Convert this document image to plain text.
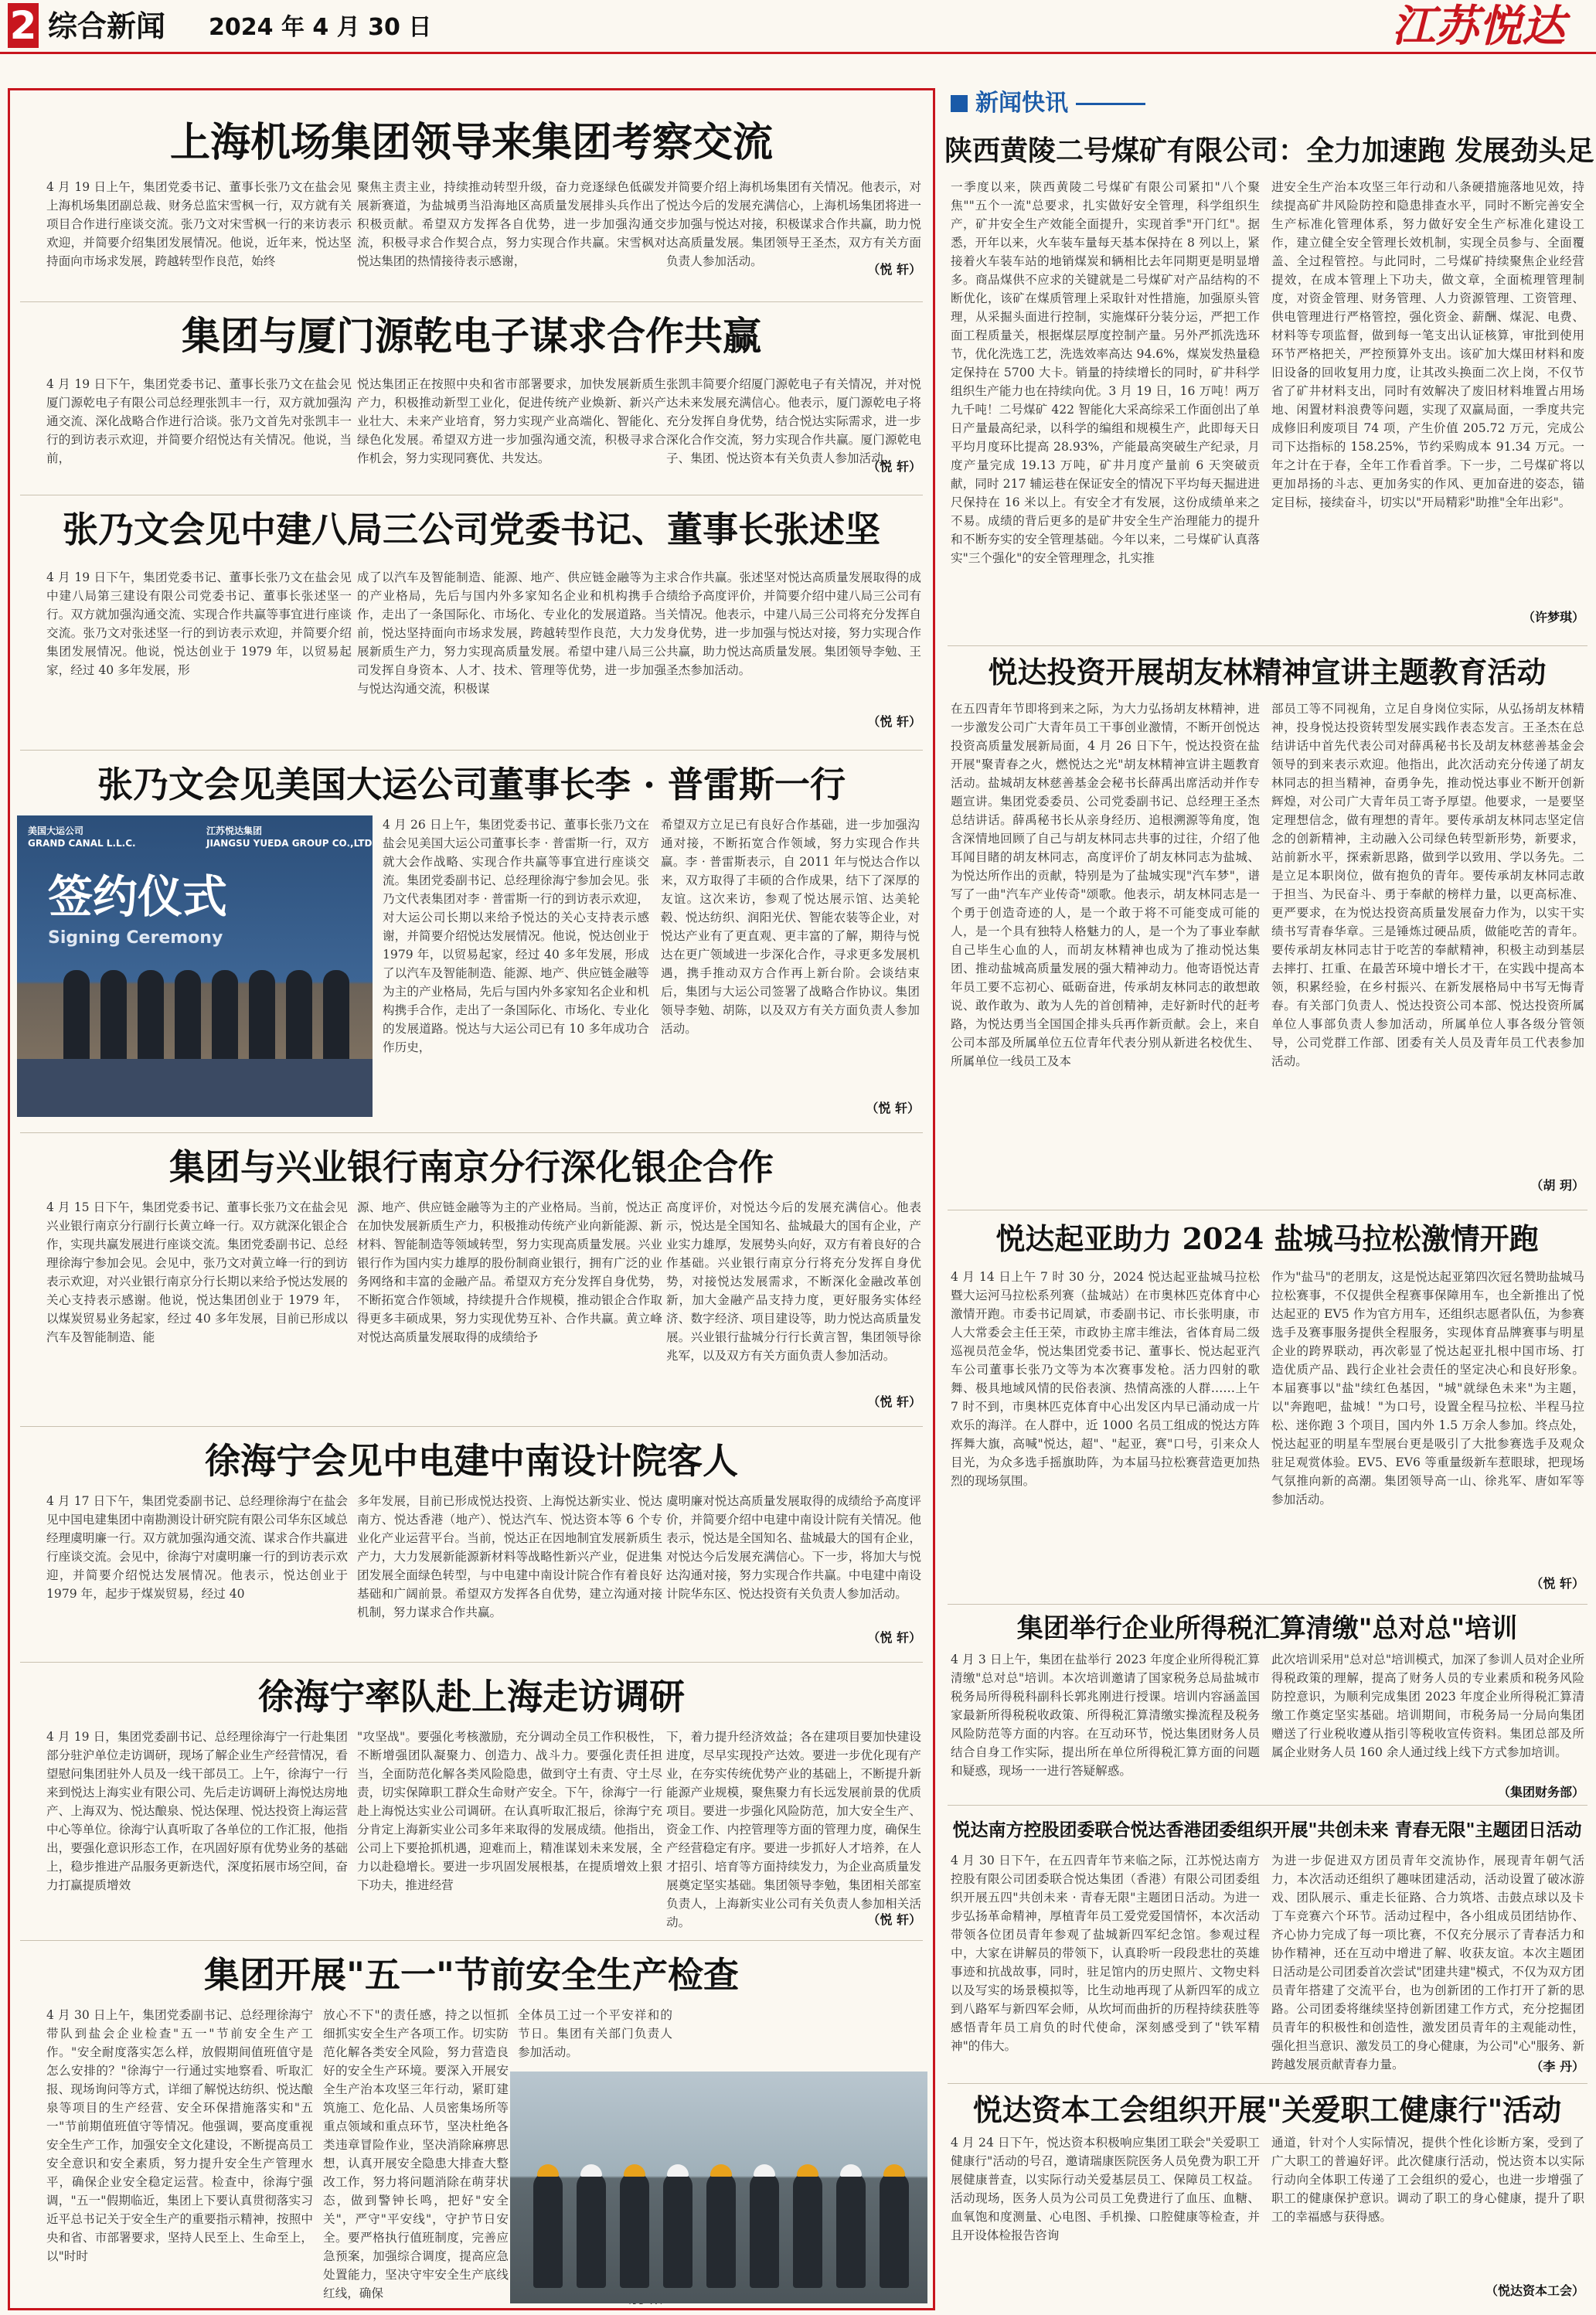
2 综合新闻 2024 年 4 月 30 日	江苏悦达
新闻快讯
上海机场集团领导来集团考察交流
4 月 19 日上午，集团党委书记、董事长张乃文在盐会见上海机场集团副总裁、财务总监宋雪枫一行，双方就有关项目合作进行座谈交流。张乃文对宋雪枫一行的来访表示欢迎，并简要介绍集团发展情况。他说，近年来，悦达坚持面向市场求发展，跨越转型作良范，始终
聚焦主责主业，持续推动转型升级，奋力竞逐绿色低碳发展新赛道，为盐城勇当沿海地区高质量发展排头兵作出了积极贡献。希望双方发挥各自优势，进一步加强沟通交流，积极寻求合作契合点，努力实现合作共赢。宋雪枫对悦达集团的热情接待表示感谢，
并简要介绍上海机场集团有关情况。他表示，对悦达今后的发展充满信心，上海机场集团将进一步加强与悦达对接，积极谋求合作共赢，助力悦达高质量发展。集团领导王圣杰，双方有关方面负责人参加活动。
（悦 轩）
集团与厦门源乾电子谋求合作共赢
4 月 19 日下午，集团党委书记、董事长张乃文在盐会见厦门源乾电子有限公司总经理张凯丰一行，双方就加强沟通交流、深化战略合作进行洽谈。张乃文首先对张凯丰一行的到访表示欢迎，并简要介绍悦达有关情况。他说，当前，
悦达集团正在按照中央和省市部署要求，加快发展新质生产力，积极推动新型工业化，促进传统产业焕新、新兴产业壮大、未来产业培育，努力实现产业高端化、智能化、绿色化发展。希望双方进一步加强沟通交流，积极寻求合作机会，努力实现同赛优、共发达。
张凯丰简要介绍厦门源乾电子有关情况，并对悦达未来发展充满信心。他表示，厦门源乾电子将充分发挥自身优势，结合悦达实际需求，进一步深化合作交流，努力实现合作共赢。厦门源乾电子、集团、悦达资本有关负责人参加活动。
（悦 轩）
张乃文会见中建八局三公司党委书记、董事长张述坚
4 月 19 日下午，集团党委书记、董事长张乃文在盐会见中建八局第三建设有限公司党委书记、董事长张述坚一行。双方就加强沟通交流、实现合作共赢等事宜进行座谈交流。张乃文对张述坚一行的到访表示欢迎，并简要介绍集团发展情况。他说，悦达创业于 1979 年，以贸易起家，经过 40 多年发展，形
成了以汽车及智能制造、能源、地产、供应链金融等为主的产业格局，先后与国内外多家知名企业和机构携手合作，走出了一条国际化、市场化、专业化的发展道路。当前，悦达坚持面向市场求发展，跨越转型作良范，大力发展新质生产力，努力实现高质量发展。希望中建八局三公司发挥自身资本、人才、技术、管理等优势，进一步加强与悦达沟通交流，积极谋
求合作共赢。张述坚对悦达高质量发展取得的成绩给予高度评价，并简要介绍中建八局三公司有关情况。他表示，中建八局三公司将充分发挥自身优势，进一步加强与悦达对接，努力实现合作共赢，助力悦达高质量发展。集团领导李勉、王圣杰参加活动。
（悦 轩）
张乃文会见美国大运公司董事长李 · 普雷斯一行
4 月 26 日上午，集团党委书记、董事长张乃文在盐会见美国大运公司董事长李 · 普雷斯一行，双方就大会作战略、实现合作共赢等事宜进行座谈交流。集团党委副书记、总经理徐海宁参加会见。张乃文代表集团对李 · 普雷斯一行的到访表示欢迎，对大运公司长期以来给予悦达的关心支持表示感谢，并简要介绍悦达发展情况。他说，悦达创业于 1979 年，以贸易起家，经过 40 多年发展，形成了以汽车及智能制造、能源、地产、供应链金融等为主的产业格局，先后与国内外多家知名企业和机构携手合作，走出了一条国际化、市场化、专业化的发展道路。悦达与大运公司已有 10 多年成功合作历史，
希望双方立足已有良好合作基础，进一步加强沟通对接，不断拓宽合作领域，努力实现合作共赢。李 · 普雷斯表示，自 2011 年与悦达合作以来，双方取得了丰硕的合作成果，结下了深厚的友谊。这次来访，参观了悦达展示馆、达美轮毂、悦达纺织、润阳光伏、智能农装等企业，对悦达产业有了更直观、更丰富的了解，期待与悦达在更广领域进一步深化合作，寻求更多发展机遇，携手推动双方合作再上新台阶。会谈结束后，集团与大运公司签署了战略合作协议。集团领导李勉、胡陈，以及双方有关方面负责人参加活动。
（悦 轩）
美国大运公司
GRAND CANAL L.L.C.
江苏悦达集团
JIANGSU YUEDA GROUP CO.,LTD
签约仪式
Signing Ceremony
集团与兴业银行南京分行深化银企合作
4 月 15 日下午，集团党委书记、董事长张乃文在盐会见兴业银行南京分行副行长黄立峰一行。双方就深化银企合作，实现共赢发展进行座谈交流。集团党委副书记、总经理徐海宁参加会见。会见中，张乃文对黄立峰一行的到访表示欢迎，对兴业银行南京分行长期以来给予悦达发展的关心支持表示感谢。他说，悦达集团创业于 1979 年，以煤炭贸易业务起家，经过 40 多年发展，目前已形成以汽车及智能制造、能
源、地产、供应链金融等为主的产业格局。当前，悦达正在加快发展新质生产力，积极推动传统产业向新能源、新材料、智能制造等领域转型，努力实现高质量发展。兴业银行作为国内实力雄厚的股份制商业银行，拥有广泛的业务网络和丰富的金融产品。希望双方充分发挥自身优势，不断拓宽合作领域，持续提升合作规模，推动银企合作取得更多丰硕成果，努力实现优势互补、合作共赢。黄立峰对悦达高质量发展取得的成绩给予
高度评价，对悦达今后的发展充满信心。他表示，悦达是全国知名、盐城最大的国有企业，产业实力雄厚，发展势头向好，双方有着良好的合作基础。兴业银行南京分行将充分发挥自身优势，对接悦达发展需求，不断深化金融改革创新，加大金融产品支持力度，更好服务实体经济、数字经济、项目建设等，助力悦达高质量发展。兴业银行盐城分行行长黄言智，集团领导徐兆军，以及双方有关方面负责人参加活动。
（悦 轩）
徐海宁会见中电建中南设计院客人
4 月 17 日下午，集团党委副书记、总经理徐海宁在盐会见中国电建集团中南勘测设计研究院有限公司华东区域总经理虞明廉一行。双方就加强沟通交流、谋求合作共赢进行座谈交流。会见中，徐海宁对虞明廉一行的到访表示欢迎，并简要介绍悦达发展情况。他表示，悦达创业于 1979 年，起步于煤炭贸易，经过 40
多年发展，目前已形成悦达投资、上海悦达新实业、悦达南方、悦达香港（地产）、悦达汽车、悦达资本等 6 个专业化产业运营平台。当前，悦达正在因地制宜发展新质生产力，大力发展新能源新材料等战略性新兴产业，促进集团发展全面绿色转型，与中电建中南设计院合作有着良好基础和广阔前景。希望双方发挥各自优势，建立沟通对接机制，努力谋求合作共赢。
虞明廉对悦达高质量发展取得的成绩给予高度评价，并简要介绍中电建中南设计院有关情况。他表示，悦达是全国知名、盐城最大的国有企业，对悦达今后发展充满信心。下一步，将加大与悦达沟通对接，努力实现合作共赢。中电建中南设计院华东区、悦达投资有关负责人参加活动。
（悦 轩）
徐海宁率队赴上海走访调研
4 月 19 日，集团党委副书记、总经理徐海宁一行赴集团部分驻沪单位走访调研，现场了解企业生产经营情况，看望慰问集团驻外人员及一线干部员工。上午，徐海宁一行来到悦达上海实业有限公司、先后走访调研上海悦达房地产、上海双为、悦达酿泉、悦达保理、悦达投资上海运营中心等单位。徐海宁认真听取了各单位的工作汇报，他指出，要强化意识形态工作，在巩固好原有优势业务的基础上，稳步推进产品服务更新迭代，深度拓展市场空间，奋力打赢提质增效
"攻坚战"。要强化考核激励，充分调动全员工作积极性，不断增强团队凝聚力、创造力、战斗力。要强化责任担当，全面防范化解各类风险隐患，做到守土有责、守土尽责，切实保障职工群众生命财产安全。下午，徐海宁一行赴上海悦达实业公司调研。在认真听取汇报后，徐海宁充分肯定上海新实业公司多年来取得的发展成绩。他指出，公司上下要抢抓机遇，迎难而上，精准谋划未来发展，全力以赴稳增长。要进一步巩固发展根基，在提质增效上狠下功夫，推进经营
下，着力提升经济效益；各在建项目要加快建设进度，尽早实现投产达效。要进一步优化现有产业，在夯实传统优势产业的基础上，不断提升新能源产业规模，聚焦聚力有长远发展前景的优质项目。要进一步强化风险防范，加大安全生产、资金工作、内控管理等方面的管理力度，确保生产经营稳定有序。要进一步抓好人才培养，在人才招引、培育等方面持续发力，为企业高质量发展奠定坚实基础。集团领导李勉，集团相关部室负责人，上海新实业公司有关负责人参加相关活动。	（悦 轩）
集团开展"五一"节前安全生产检查
4 月 30 日上午，集团党委副书记、总经理徐海宁带队到盐会企业检查"五一"节前安全生产工作。"安全耐度落实怎么样，放假期间值班值守是怎么安排的？"徐海宁一行通过实地察看、听取汇报、现场询问等方式，详细了解悦达纺织、悦达酿泉等项目的生产经营、安全环保措施落实和"五一"节前期值班值守等情况。他强调，要高度重视安全生产工作，加强安全文化建设，不断提高员工安全意识和安全素质，努力提升安全生产管理水平，确保企业安全稳定运营。检查中，徐海宁强调，"五一"假期临近，集团上下要认真贯彻落实习近平总书记关于安全生产的重要指示精神，按照中央和省、市部署要求，坚持人民至上、生命至上，以"时时
放心不下"的责任感，持之以恒抓细抓实安全生产各项工作。切实防范化解各类安全风险，努力营造良好的安全生产环境。要深入开展安全生产治本攻坚三年行动，紧盯建筑施工、危化品、人员密集场所等重点领域和重点环节，坚决杜绝各类违章冒险作业，坚决消除麻痹思想，认真开展安全隐患大排查大整改工作，努力将问题消除在萌芽状态，做到警钟长鸣，把好"安全关"，严守"平安线"，守护节日安全。要严格执行值班制度，完善应急预案，加强综合调度，提高应急处置能力，坚决守牢安全生产底线红线，确保
全体员工过一个平安祥和的节日。集团有关部门负责人参加活动。
陕西黄陵二号煤矿有限公司：全力加速跑 发展劲头足
一季度以来，陕西黄陵二号煤矿有限公司紧扣"八个聚焦""五个一流"总要求，扎实做好安全管理，科学组织生产，矿井安全生产效能全面提升，实现首季"开门红"。据悉，开年以来，火车装车量每天基本保持在 8 列以上，紧接着火车装车站的地销煤炭和辆相比去年同期更是明显增多。商品煤供不应求的关键就是二号煤矿对产品结构的不断优化，该矿在煤质管理上采取针对性措施，加强原头管理，从采掘头面进行控制，实施煤矸分装分运，严把工作面工程质量关，根据煤层厚度控制产量。另外严抓洗选环节，优化洗选工艺，洗选效率高达 94.6%，煤炭发热量稳定保持在 5700 大卡。销量的持续增长的同时，矿井科学组织生产能力也在持续向优。3 月 19 日，16 万吨！两万九千吨！二号煤矿 422 智能化大采高综采工作面创出了单日产量最高纪录，以科学的编组和规模生产，此即每天日平均月度环比提高 28.93%，产能最高突破生产纪录，月度产量完成 19.13 万吨，矿井月度产量前 6 天突破贡献，同时 217 辅运巷在保证安全的情况下平均每天掘进进尺保持在 16 米以上。有安全才有发展，这份成绩单来之不易。成绩的背后更多的是矿井安全生产治理能力的提升和不断夯实的安全管理基础。今年以来，二号煤矿认真落实"三个强化"的安全管理理念，扎实推
进安全生产治本攻坚三年行动和八条硬措施落地见效，持续提高矿井风险防控和隐患排查水平，同时不断完善安全生产标准化管理体系，努力做好安全生产标准化建设工作，建立健全安全管理长效机制，实现全员参与、全面覆盖、全过程管控。与此同时，二号煤矿持续聚焦企业经营提效，在成本管理上下功夫，做文章，全面梳理管理制度，对资金管理、财务管理、人力资源管理、工资管理、供电管理进行严格管控，强化资金、薪酬、煤泥、电费、材料等专项监督，做到每一笔支出认证核算，审批到使用环节严格把关，严控预算外支出。该矿加大煤田材料和废旧设备的回收复用力度，让其改头换面二次上岗，不仅节省了矿井材料支出，同时有效解决了废旧材料堆置占用场地、闲置材料浪费等问题，实现了双赢局面，一季度共完成修旧利废项目 74 项，产生价值 205.72 万元，完成公司下达指标的 158.25%，节约采购成本 91.34 万元。一年之计在于春，全年工作看首季。下一步，二号煤矿将以更加昂扬的斗志、更加务实的作风、更加奋进的姿态，锚定目标，接续奋斗，切实以"开局精彩"助推"全年出彩"。
（许梦琪）
悦达投资开展胡友林精神宣讲主题教育活动
在五四青年节即将到来之际，为大力弘扬胡友林精神，进一步激发公司广大青年员工干事创业激情，不断开创悦达投资高质量发展新局面，4 月 26 日下午，悦达投资在盐开展"聚青春之火，燃悦达之光"胡友林精神宣讲主题教育活动。盐城胡友林慈善基金会秘书长薛禹出席活动并作专题宣讲。集团党委委员、公司党委副书记、总经理王圣杰总结讲话。薛禹秘书长从亲身经历、追根溯源等角度，饱含深情地回顾了自己与胡友林同志共事的过往，介绍了他耳闻目睹的胡友林同志，高度评价了胡友林同志为盐城、为悦达所作出的贡献，特别是为了盐城实现"汽车梦"，谱写了一曲"汽车产业传奇"颂歌。他表示，胡友林同志是一个勇于创造奇迹的人，是一个敢于将不可能变成可能的人，是一个具有独特人格魅力的人，是一个为了事业奉献自己毕生心血的人，而胡友林精神也成为了推动悦达集团、推动盐城高质量发展的强大精神动力。他寄语悦达青年员工要不忘初心、砥砺奋进，传承胡友林同志的敢想敢说、敢作敢为、敢为人先的首创精神，走好新时代的赶考路，为悦达勇当全国国企排头兵再作新贡献。会上，来自公司本部及所属单位五位青年代表分别从新进名校优生、所属单位一线员工及本
部员工等不同视角，立足自身岗位实际，从弘扬胡友林精神，投身悦达投资转型发展实践作表态发言。王圣杰在总结讲话中首先代表公司对薛禹秘书长及胡友林慈善基金会领导的到来表示欢迎。他指出，此次活动充分传递了胡友林同志的担当精神，奋勇争先，推动悦达事业不断开创新辉煌，对公司广大青年员工寄予厚望。他要求，一是要坚定理想信念，做有理想的青年。要传承胡友林同志坚定信念的创新精神，主动融入公司绿色转型新形势，新要求，站前新水平，探索新思路，做到学以致用、学以务先。二是立足本职岗位，做有抱负的青年。要传承胡友林同志敢于担当、为民奋斗、勇于奉献的榜样力量，以更高标准、更严要求，在为悦达投资高质量发展奋力作为，以实干实绩书写青春华章。三是锤炼过硬品质，做能吃苦的青年。要传承胡友林同志甘于吃苦的奉献精神，积极主动到基层去摔打、扛重、在最苦环境中增长才干，在实践中提高本领，积累经验，在乡村振兴、在新发展格局中书写无悔青春。有关部门负责人、悦达投资公司本部、悦达投资所属单位人事部负责人参加活动，所属单位人事各级分管领导，公司党群工作部、团委有关人员及青年员工代表参加活动。
（胡 玥）
悦达起亚助力 2024 盐城马拉松激情开跑
4 月 14 日上午 7 时 30 分，2024 悦达起亚盐城马拉松暨大运河马拉松系列赛（盐城站）在市奥林匹克体育中心激情开跑。市委书记周斌，市委副书记、市长张明康，市人大常委会主任王荣，市政协主席丰维法，省体育局二级巡视员范金华，悦达集团党委书记、董事长、悦达起亚汽车公司董事长张乃文等为本次赛事发枪。活力四射的歌舞、极具地域风情的民俗表演、热情高涨的人群……上午 7 时不到，市奥林匹克体育中心出发区内早已涌动成一片欢乐的海洋。在人群中，近 1000 名员工组成的悦达方阵挥舞大旗，高喊"悦达，超"、"起亚，赛"口号，引来众人目光，为众多选手摇旗助阵，为本届马拉松赛营造更加热烈的现场氛围。
作为"盐马"的老朋友，这是悦达起亚第四次冠名赞助盐城马拉松赛事，不仅提供全程赛事保障用车，也全新推出了悦达起亚的 EV5 作为官方用车，还组织志愿者队伍，为参赛选手及赛事服务提供全程服务，实现体育品牌赛事与明星企业的跨界联动，再次彰显了悦达起亚扎根中国市场、打造优质产品、践行企业社会责任的坚定决心和良好形象。本届赛事以"盐"续红色基因，"城"就绿色未来"为主题，以"奔跑吧，盐城！"为口号，设置全程马拉松、半程马拉松、迷你跑 3 个项目，国内外 1.5 万余人参加。终点处，悦达起亚的明星车型展台更是吸引了大批参赛选手及观众驻足观赏体验。EV5、EV6 等重量级新车惹眼球，把现场气氛推向新的高潮。集团领导高一山、徐兆军、唐如军等参加活动。
（悦 轩）
集团举行企业所得税汇算清缴"总对总"培训
4 月 3 日上午，集团在盐举行 2023 年度企业所得税汇算清缴"总对总"培训。本次培训邀请了国家税务总局盐城市税务局所得税科副科长郭兆刚进行授课。培训内容涵盖国家最新所得税税收政策、所得税汇算清缴实操流程及税务风险防范等方面的内容。在互动环节，悦达集团财务人员结合自身工作实际，提出所在单位所得税汇算方面的问题和疑惑，现场一一进行答疑解惑。
此次培训采用"总对总"培训模式，加深了参训人员对企业所得税政策的理解，提高了财务人员的专业素质和税务风险防控意识，为顺利完成集团 2023 年度企业所得税汇算清缴工作奠定坚实基础。培训期间，市税务局一分局向集团赠送了行业税收遵从指引等税收宣传资料。集团总部及所属企业财务人员 160 余人通过线上线下方式参加培训。
（集团财务部）
悦达南方控股团委联合悦达香港团委组织开展"共创未来 青春无限"主题团日活动
4 月 30 日下午，在五四青年节来临之际，江苏悦达南方控股有限公司团委联合悦达集团（香港）有限公司团委组织开展五四"共创未来 · 青春无限"主题团日活动。为进一步弘扬革命精神，厚植青年员工爱党爱国情怀，本次活动带领各位团员青年参观了盐城新四军纪念馆。参观过程中，大家在讲解员的带领下，认真聆听一段段悲壮的英雄事迹和抗战故事，同时，驻足馆内的历史照片、文物史料以及写实的场景模拟等，比生动地再现了从新四军的成立到八路军与新四军会师，从坎坷而曲折的历程持续获胜等感悟青年员工肩负的时代使命，深刻感受到了"铁军精神"的伟大。
为进一步促进双方团员青年交流协作，展现青年朝气活力，本次活动还组织了趣味团建活动，活动设置了破冰游戏、团队展示、重走长征路、合力筑塔、击鼓点球以及卡丁车竞赛六个环节。活动过程中，各小组成员团结协作、齐心协力完成了每一项比赛，不仅充分展示了青春活力和协作精神，还在互动中增进了解、收获友谊。本次主题团日活动是公司团委首次尝试"团建共建"模式，不仅为双方团员青年搭建了交流平台，也为创新团的工作打开了新的思路。公司团委将继续坚持创新团建工作方式，充分挖掘团员青年的积极性和创造性，激发团员青年的主观能动性，强化担当意识、激发员工的身心健康，为公司"心"服务、新跨越发展贡献青春力量。	（李 丹）
悦达资本工会组织开展"关爱职工健康行"活动
4 月 24 日下午，悦达资本积极响应集团工联会"关爱职工健康行"活动的号召，邀请瑞康医院医务人员免费为职工开展健康普查，以实际行动关爱基层员工、保障员工权益。活动现场，医务人员为公司员工免费进行了血压、血糖、血氧饱和度测量、心电图、手机操、口腔健康等检查，并且开设体检报告咨询
通道，针对个人实际情况，提供个性化诊断方案，受到了广大职工的普遍好评。此次健康行活动，悦达资本以实际行动向全体职工传递了工会组织的爱心，也进一步增强了职工的健康保护意识。调动了职工的身心健康，提升了职工的幸福感与获得感。
（悦达资本工会）
